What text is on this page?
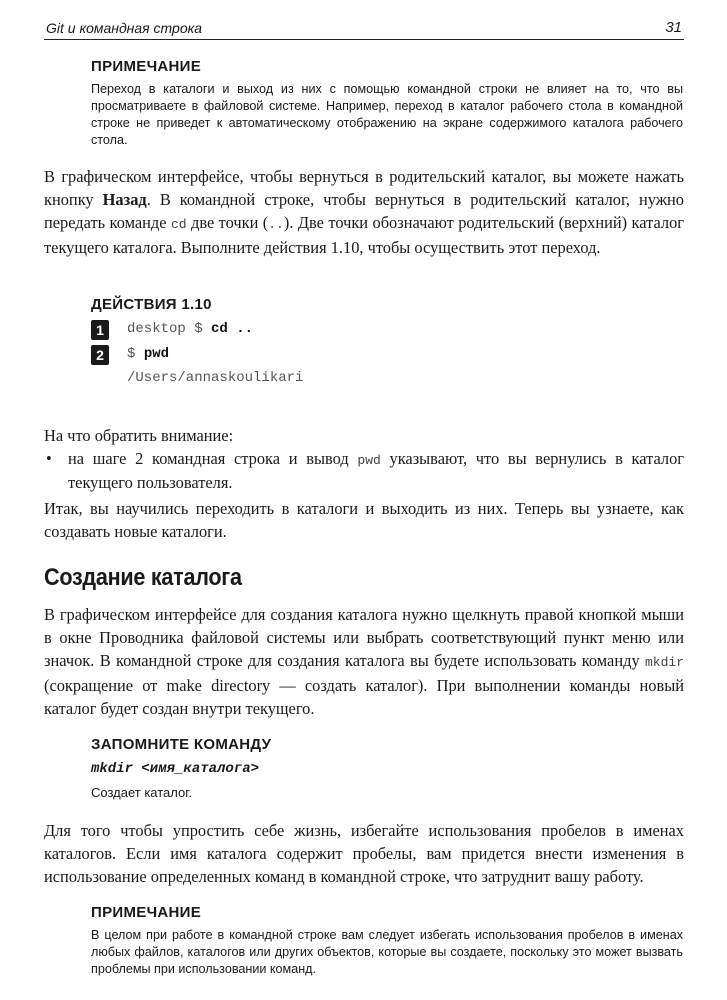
Git и командная строка	31
ПРИМЕЧАНИЕ
Переход в каталоги и выход из них с помощью командной строки не влияет на то, что вы просматриваете в файловой системе. Например, переход в каталог рабочего стола в командной строке не приведет к автоматическому отображению на экране содержимого каталога рабочего стола.

В графическом интерфейсе, чтобы вернуться в родительский каталог, вы можете нажать кнопку Назад. В командной строке, чтобы вернуться в родительский каталог, нужно передать команде cd две точки (..). Две точки обозначают родительский (верхний) каталог текущего каталога. Выполните действия 1.10, чтобы осуществить этот переход.

ДЕЙСТВИЯ 1.10
1	desktop $ cd ..
2	$ pwd
/Users/annaskoulikari

На что обратить внимание:

• на шаге 2 командная строка и вывод pwd указывают, что вы вернулись в каталог текущего пользователя.

Итак, вы научились переходить в каталоги и выходить из них. Теперь вы узнаете, как создавать новые каталоги.

Создание каталога

В графическом интерфейсе для создания каталога нужно щелкнуть правой кнопкой мыши в окне Проводника файловой системы или выбрать соответствующий пункт меню или значок. В командной строке для создания каталога вы будете использовать команду mkdir (сокращение от make directory — создать каталог). При выполнении команды новый каталог будет создан внутри текущего.

ЗАПОМНИТЕ КОМАНДУ
mkdir <имя_каталога>
Создает каталог.

Для того чтобы упростить себе жизнь, избегайте использования пробелов в именах каталогов. Если имя каталога содержит пробелы, вам придется внести изменения в использование определенных команд в командной строке, что затруднит вашу работу.

ПРИМЕЧАНИЕ
В целом при работе в командной строке вам следует избегать использования пробелов в именах любых файлов, каталогов или других объектов, которые вы создаете, поскольку это может вызвать проблемы при использовании команд.
